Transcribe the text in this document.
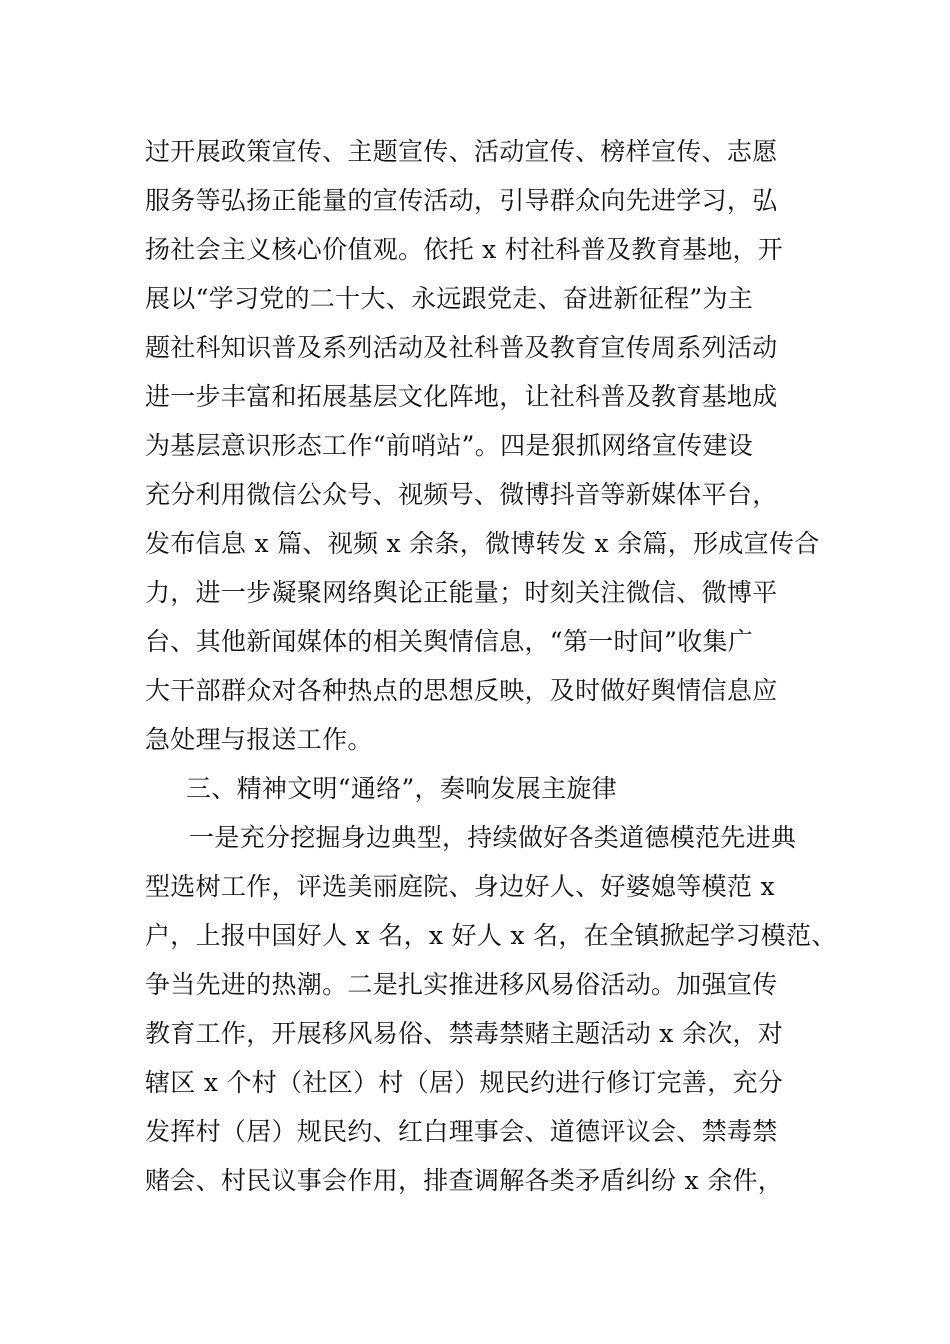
过开展政策宣传、主题宣传、活动宣传、榜样宣传、志愿
服务等弘扬正能量的宣传活动，引导群众向先进学习，弘
扬社会主义核心价值观。依托 x 村社科普及教育基地，开
展以“学习党的二十大、永远跟党走、奋进新征程”为主
题社科知识普及系列活动及社科普及教育宣传周系列活动
进一步丰富和拓展基层文化阵地，让社科普及教育基地成
为基层意识形态工作“前哨站”。四是狠抓网络宣传建设
充分利用微信公众号、视频号、微博抖音等新媒体平台，
发布信息 x 篇、视频 x 余条，微博转发 x 余篇，形成宣传合
力，进一步凝聚网络舆论正能量；时刻关注微信、微博平
台、其他新闻媒体的相关舆情信息，“第一时间”收集广
大干部群众对各种热点的思想反映，及时做好舆情信息应
急处理与报送工作。
三、精神文明“通络”，奏响发展主旋律
一是充分挖掘身边典型，持续做好各类道德模范先进典
型选树工作，评选美丽庭院、身边好人、好婆媳等模范 x
户，上报中国好人 x 名，x 好人 x 名，在全镇掀起学习模范、
争当先进的热潮。二是扎实推进移风易俗活动。加强宣传
教育工作，开展移风易俗、禁毒禁赌主题活动 x 余次，对
辖区 x 个村（社区）村（居）规民约进行修订完善，充分
发挥村（居）规民约、红白理事会、道德评议会、禁毒禁
赌会、村民议事会作用，排查调解各类矛盾纠纷 x 余件，
